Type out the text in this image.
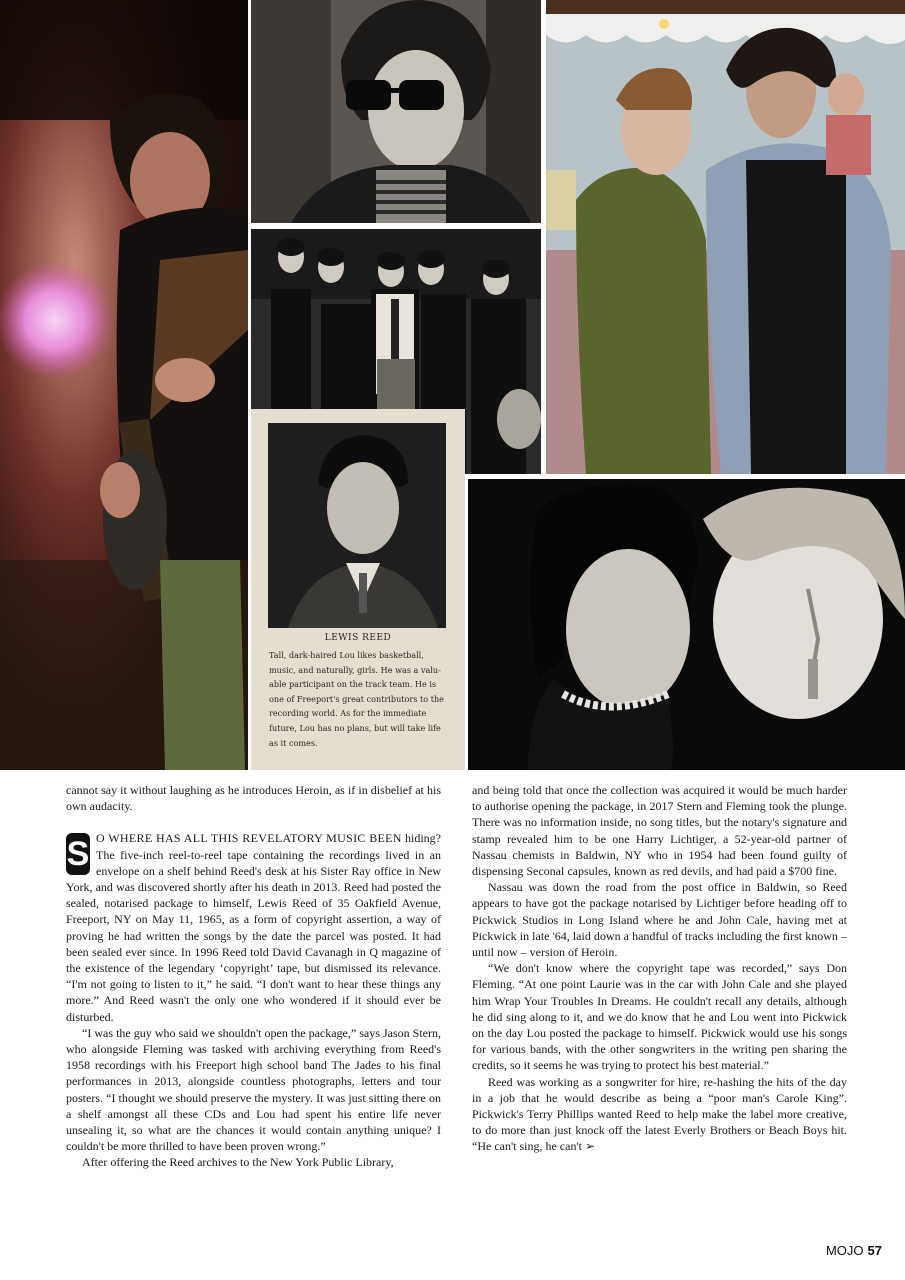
LEWIS REED
Tall, dark-haired Lou likes basketball,
music, and naturally, girls. He was a valu-
able participant on the track team. He is
one of Freeport's great contributors to the
recording world. As for the immediate
future, Lou has no plans, but will take life
as it comes.

cannot say it without laughing as he introduces Heroin, as if in disbelief at his own audacity.

S O WHERE HAS ALL THIS REVELATORY MUSIC BEEN hiding? The five-inch reel-to-reel tape containing the recordings lived in an envelope on a shelf behind Reed's desk at his Sister Ray office in New York, and was discovered shortly after his death in 2013. Reed had posted the sealed, notarised package to himself, Lewis Reed of 35 Oakfield Avenue, Freeport, NY on May 11, 1965, as a form of copyright assertion, a way of proving he had written the songs by the date the parcel was posted. It had been sealed ever since. In 1996 Reed told David Cavanagh in Q magazine of the existence of the legendary ‘copyright’ tape, but dismissed its relevance. “I'm not going to listen to it,” he said. “I don't want to hear these things any more.” And Reed wasn't the only one who wondered if it should ever be disturbed.

“I was the guy who said we shouldn't open the package,” says Jason Stern, who alongside Fleming was tasked with archiving everything from Reed's 1958 recordings with his Freeport high school band The Jades to his final performances in 2013, alongside countless photographs, letters and tour posters. “I thought we should preserve the mystery. It was just sitting there on a shelf amongst all these CDs and Lou had spent his entire life never unsealing it, so what are the chances it would contain anything unique? I couldn't be more thrilled to have been proven wrong.”

After offering the Reed archives to the New York Public Library,

and being told that once the collection was acquired it would be much harder to authorise opening the package, in 2017 Stern and Fleming took the plunge. There was no information inside, no song titles, but the notary's signature and stamp revealed him to be one Harry Lichtiger, a 52-year-old partner of Nassau chemists in Baldwin, NY who in 1954 had been found guilty of dispensing Seconal capsules, known as red devils, and had paid a $700 fine.

Nassau was down the road from the post office in Baldwin, so Reed appears to have got the package notarised by Lichtiger before heading off to Pickwick Studios in Long Island where he and John Cale, having met at Pickwick in late '64, laid down a handful of tracks including the first known – until now – version of Heroin.

“We don't know where the copyright tape was recorded,” says Don Fleming. “At one point Laurie was in the car with John Cale and she played him Wrap Your Troubles In Dreams. He couldn't recall any details, although he did sing along to it, and we do know that he and Lou went into Pickwick on the day Lou posted the package to himself. Pickwick would use his songs for various bands, with the other songwriters in the writing pen sharing the credits, so it seems he was trying to protect his best material.”

Reed was working as a songwriter for hire, re-hashing the hits of the day in a job that he would describe as being a “poor man's Carole King”. Pickwick's Terry Phillips wanted Reed to help make the label more creative, to do more than just knock off the latest Everly Brothers or Beach Boys hit. “He can't sing, he can't ➢

MOJO 57
